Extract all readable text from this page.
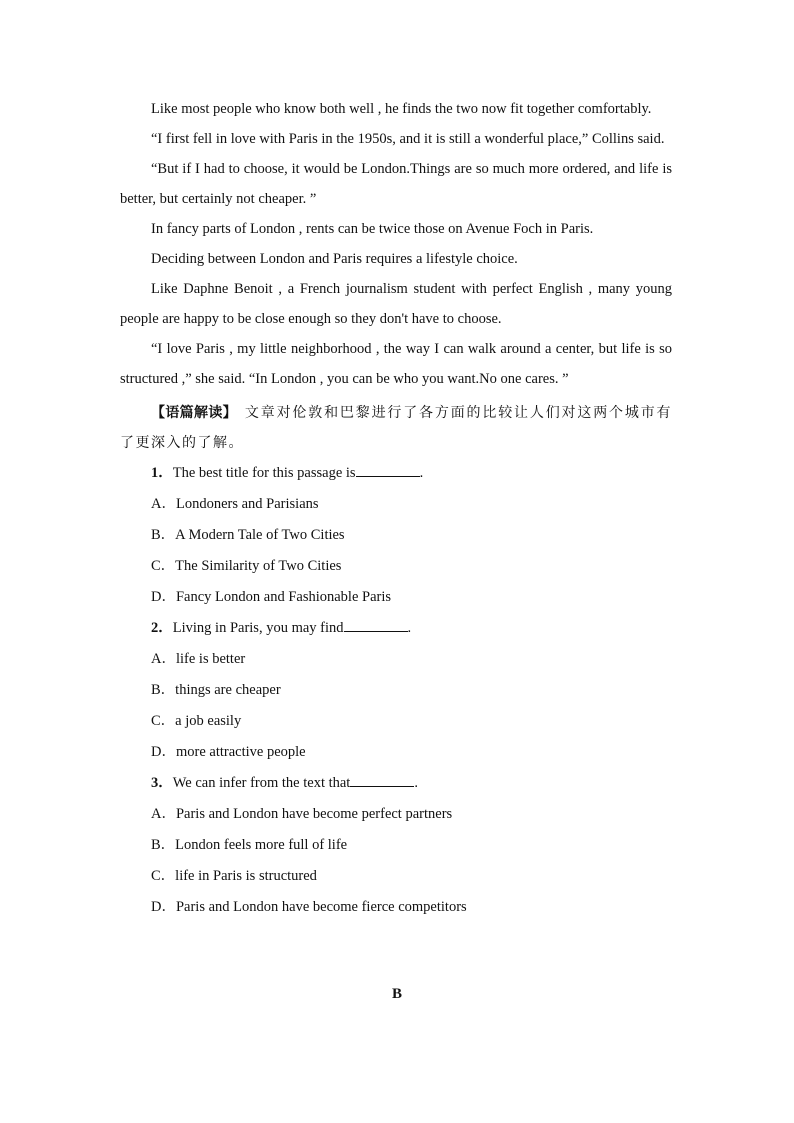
Like most people who know both well , he finds the two now fit together comfortably.

“I first fell in love with Paris in the 1950s, and it is still a wonderful place,” Collins said.

“But if I had to choose, it would be London.Things are so much more ordered, and life is better, but certainly not cheaper. ”

In fancy parts of London , rents can be twice those on Avenue Foch in Paris.

Deciding between London and Paris requires a lifestyle choice.

Like Daphne Benoit , a French journalism student with perfect English , many young people are happy to be close enough so they don't have to choose.

“I love Paris , my little neighborhood , the way I can walk around a center, but life is so structured ,” she said. “In London , you can be who you want.No one cares. ”

【语篇解读】 文章对伦敦和巴黎进行了各方面的比较让人们对这两个城市有了更深入的了解。

1．The best title for this passage is	.

A．Londoners and Parisians

B．A Modern Tale of Two Cities

C．The Similarity of Two Cities

D．Fancy London and Fashionable Paris

2．Living in Paris, you may find	.

A．life is better

B．things are cheaper

C．a job easily

D．more attractive people

3．We can infer from the text that	.

A．Paris and London have become perfect partners

B．London feels more full of life

C．life in Paris is structured

D．Paris and London have become fierce competitors

B
